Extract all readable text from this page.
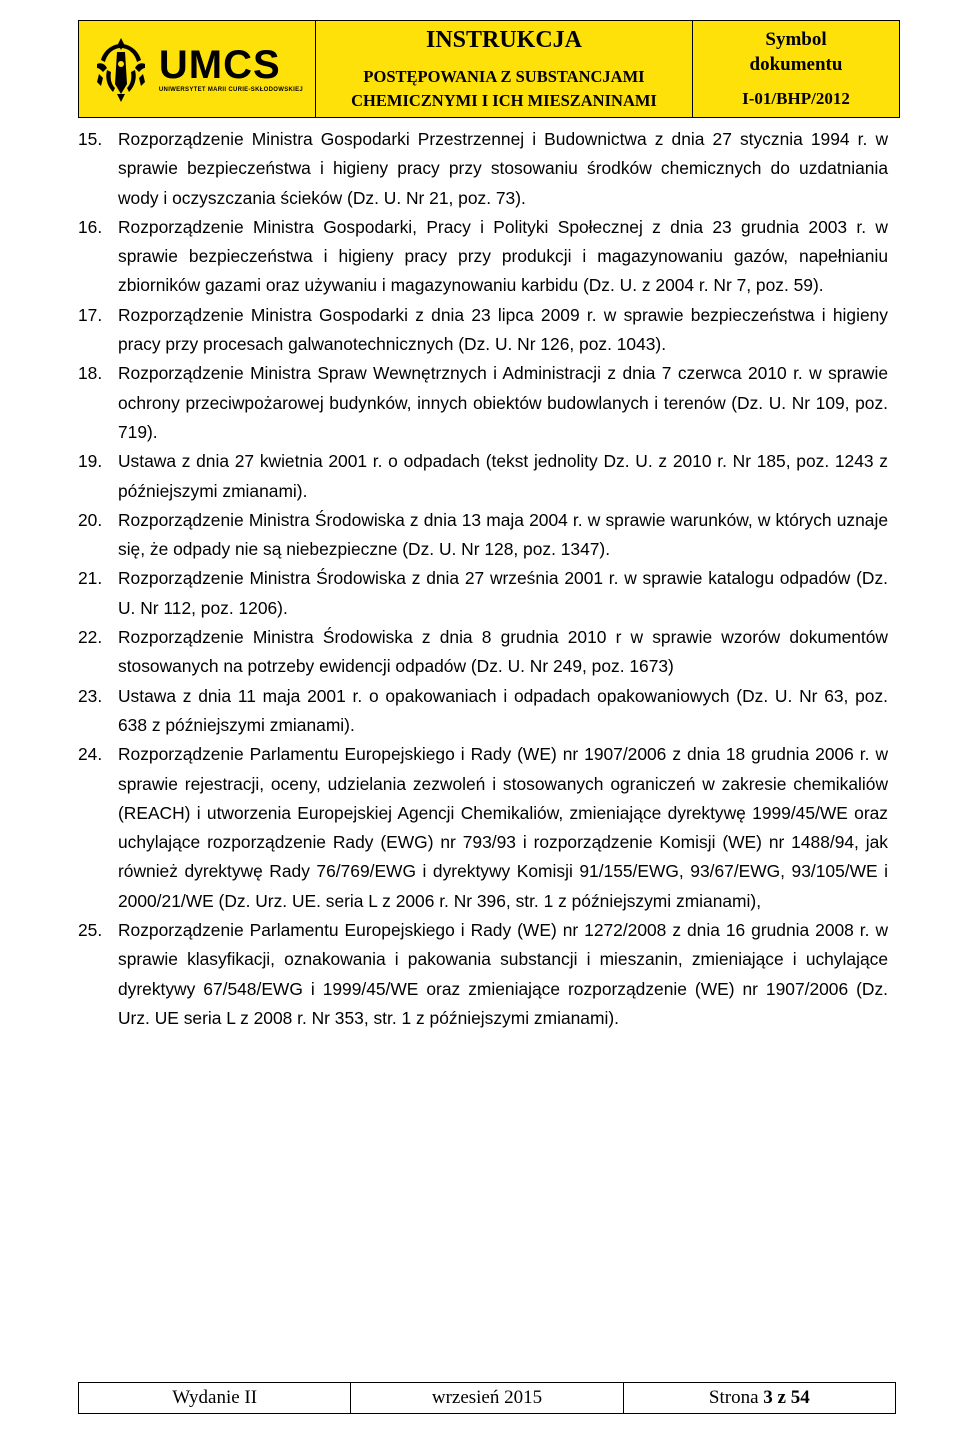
UMCS
UNIWERSYTET MARII CURIE-SKŁODOWSKIEJ

INSTRUKCJA
POSTĘPOWANIA Z SUBSTANCJAMI
CHEMICZNYMI I ICH MIESZANINAMI

Symbol
dokumentu
I-01/BHP/2012
15. Rozporządzenie Ministra Gospodarki Przestrzennej i Budownictwa z dnia 27 stycznia 1994 r. w sprawie bezpieczeństwa i higieny pracy przy stosowaniu środków chemicznych do uzdatniania wody i oczyszczania ścieków (Dz. U. Nr 21, poz. 73).
16. Rozporządzenie Ministra Gospodarki, Pracy i Polityki Społecznej z dnia 23 grudnia 2003 r. w sprawie bezpieczeństwa i higieny pracy przy produkcji i magazynowaniu gazów, napełnianiu zbiorników gazami oraz używaniu i magazynowaniu karbidu (Dz. U. z 2004 r. Nr 7, poz. 59).
17. Rozporządzenie Ministra Gospodarki z dnia 23 lipca 2009 r. w sprawie bezpieczeństwa i higieny pracy przy procesach galwanotechnicznych (Dz. U. Nr 126, poz. 1043).
18. Rozporządzenie Ministra Spraw Wewnętrznych i Administracji z dnia 7 czerwca 2010 r. w sprawie ochrony przeciwpożarowej budynków, innych obiektów budowlanych i terenów (Dz. U. Nr 109, poz. 719).
19. Ustawa z dnia 27 kwietnia 2001 r. o odpadach (tekst jednolity Dz. U. z 2010 r. Nr 185, poz. 1243 z późniejszymi zmianami).
20. Rozporządzenie Ministra Środowiska z dnia 13 maja 2004 r. w sprawie warunków, w których uznaje się, że odpady nie są niebezpieczne (Dz. U. Nr 128, poz. 1347).
21. Rozporządzenie Ministra Środowiska z dnia 27 września 2001 r. w sprawie katalogu odpadów (Dz. U. Nr 112, poz. 1206).
22. Rozporządzenie Ministra Środowiska z dnia 8 grudnia 2010 r w sprawie wzorów dokumentów stosowanych na potrzeby ewidencji odpadów (Dz. U. Nr 249, poz. 1673)
23. Ustawa z dnia 11 maja 2001 r. o opakowaniach i odpadach opakowaniowych (Dz. U. Nr 63, poz. 638 z późniejszymi zmianami).
24. Rozporządzenie Parlamentu Europejskiego i Rady (WE) nr 1907/2006 z dnia 18 grudnia 2006 r. w sprawie rejestracji, oceny, udzielania zezwoleń i stosowanych ograniczeń w zakresie chemikaliów (REACH) i utworzenia Europejskiej Agencji Chemikaliów, zmieniające dyrektywę 1999/45/WE oraz uchylające rozporządzenie Rady (EWG) nr 793/93 i rozporządzenie Komisji (WE) nr 1488/94, jak również dyrektywę Rady 76/769/EWG i dyrektywy Komisji 91/155/EWG, 93/67/EWG, 93/105/WE i 2000/21/WE (Dz. Urz. UE. seria L z 2006 r. Nr 396, str. 1 z późniejszymi zmianami),
25. Rozporządzenie Parlamentu Europejskiego i Rady (WE) nr 1272/2008 z dnia 16 grudnia 2008 r. w sprawie klasyfikacji, oznakowania i pakowania substancji i mieszanin, zmieniające i uchylające dyrektywy 67/548/EWG i 1999/45/WE oraz zmieniające rozporządzenie (WE) nr 1907/2006 (Dz. Urz. UE seria L z 2008 r. Nr 353, str. 1 z późniejszymi zmianami).
Wydanie II	wrzesień 2015	Strona 3 z 54
